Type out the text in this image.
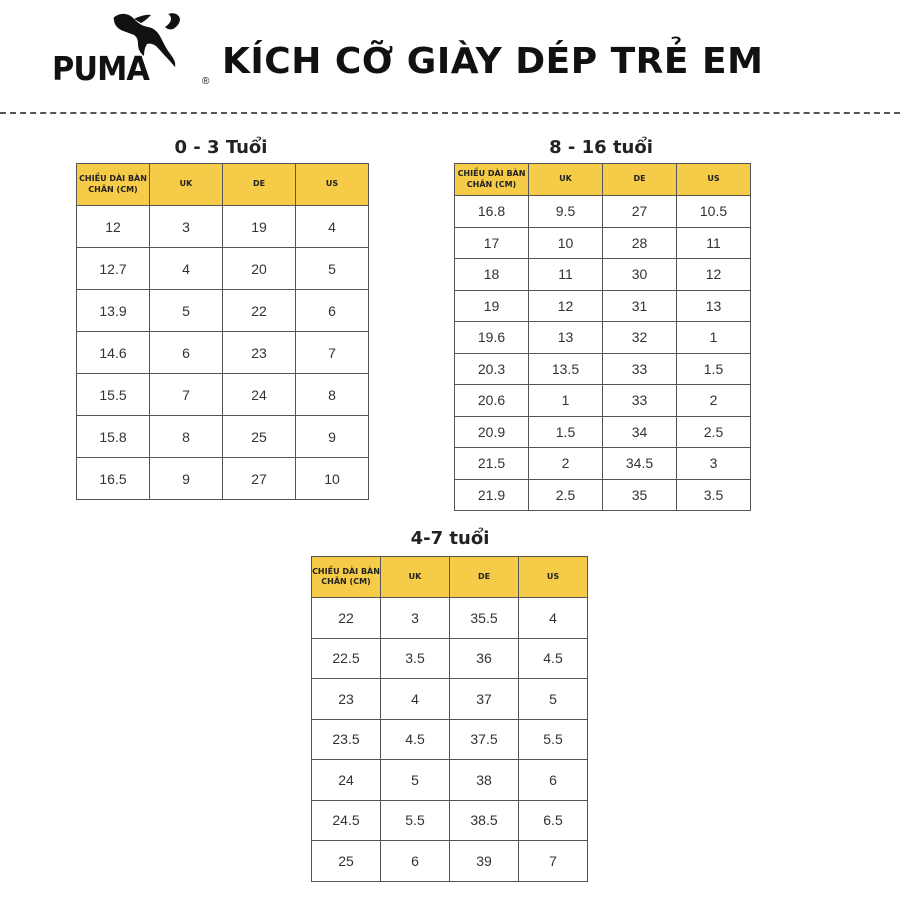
PUMA	® KÍCH CỠ GIÀY DÉP TRẺ EM
0 - 3 Tuổi
CHIỀU DÀI BÀN CHÂN (CM)	UK	DE	US
12	3	19	4
12.7	4	20	5
13.9	5	22	6
14.6	6	23	7
15.5	7	24	8
15.8	8	25	9
16.5	9	27	10
8 - 16 tuổi
CHIỀU DÀI BÀN CHÂN (CM)	UK	DE	US
16.8	9.5	27	10.5
17	10	28	11
18	11	30	12
19	12	31	13
19.6	13	32	1
20.3	13.5	33	1.5
20.6	1	33	2
20.9	1.5	34	2.5
21.5	2	34.5	3
21.9	2.5	35	3.5
4-7 tuổi
CHIỀU DÀI BÀN CHÂN (CM)	UK	DE	US
22	3	35.5	4
22.5	3.5	36	4.5
23	4	37	5
23.5	4.5	37.5	5.5
24	5	38	6
24.5	5.5	38.5	6.5
25	6	39	7
